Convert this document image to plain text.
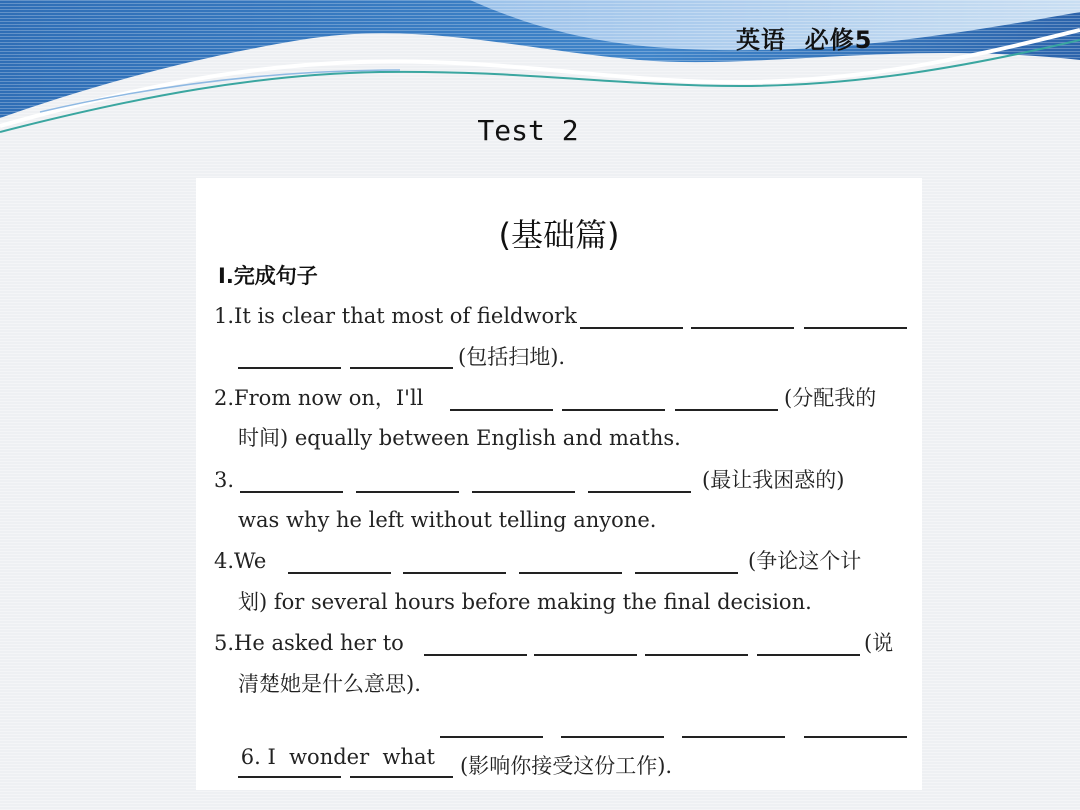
英语  必修5
Test 2
(基础篇)
Ⅰ.完成句子
1.It is clear that most of fieldwork
(包括扫地).
2.From now on，I'll	(分配我的
时间) equally between English and maths.
3.	(最让我困惑的)
was why he left without telling anyone.
4.We	(争论这个计
划) for several hours before making the final decision.
5.He asked her to	(说
清楚她是什么意思).

6. I  wonder  what
(影响你接受这份工作).
